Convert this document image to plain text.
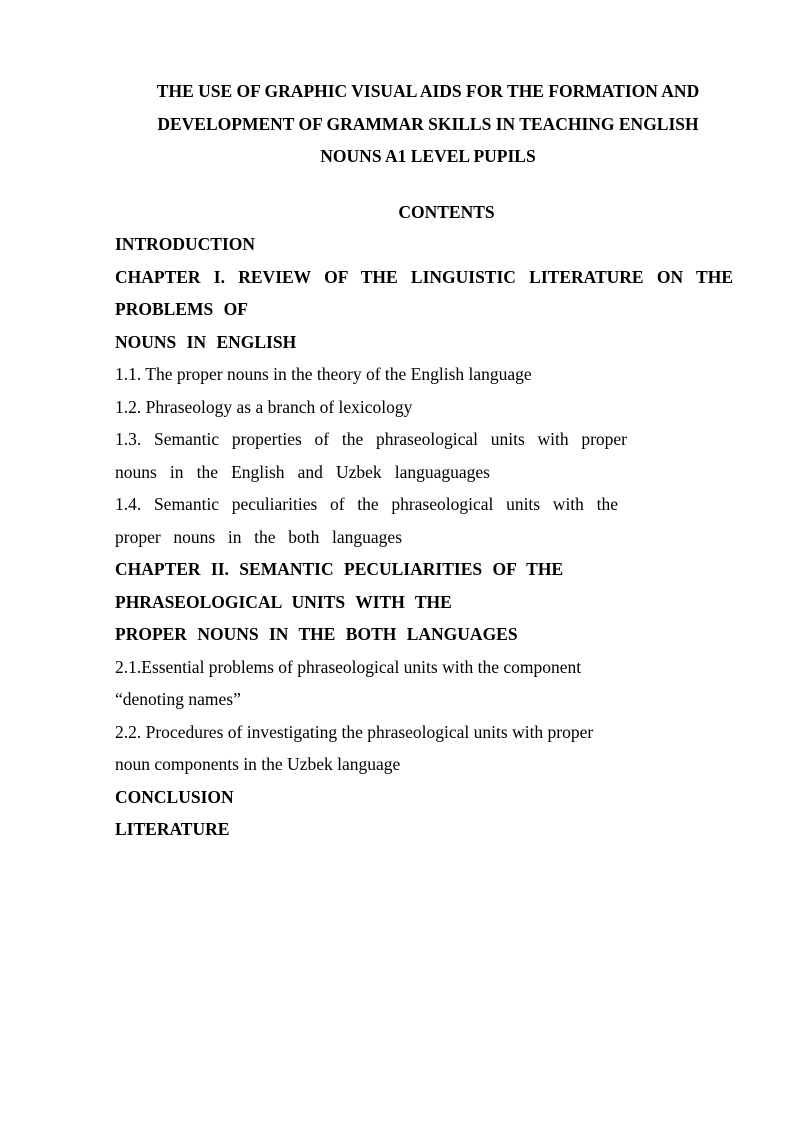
THE USE OF GRAPHIC VISUAL AIDS FOR THE FORMATION AND
DEVELOPMENT OF GRAMMAR SKILLS IN TEACHING ENGLISH
NOUNS A1 LEVEL PUPILS
CONTENTS
INTRODUCTION
CHAPTER I. REVIEW OF THE LINGUISTIC LITERATURE ON THE
PROBLEMS OF
NOUNS IN ENGLISH
1.1. The proper nouns in the theory of the English language
1.2. Phraseology as a branch of lexicology
1.3. Semantic properties of the phraseological units with proper
nouns in the English and Uzbek languaguages
1.4. Semantic peculiarities of the phraseological units with the
proper nouns in the both languages
CHAPTER II. SEMANTIC PECULIARITIES OF THE
PHRASEOLOGICAL UNITS WITH THE
PROPER NOUNS IN THE BOTH LANGUAGES
2.1.Essential problems of phraseological units with the component
“denoting names”
2.2. Procedures of investigating the phraseological units with proper
noun components in the Uzbek language
CONCLUSION
LITERATURE
